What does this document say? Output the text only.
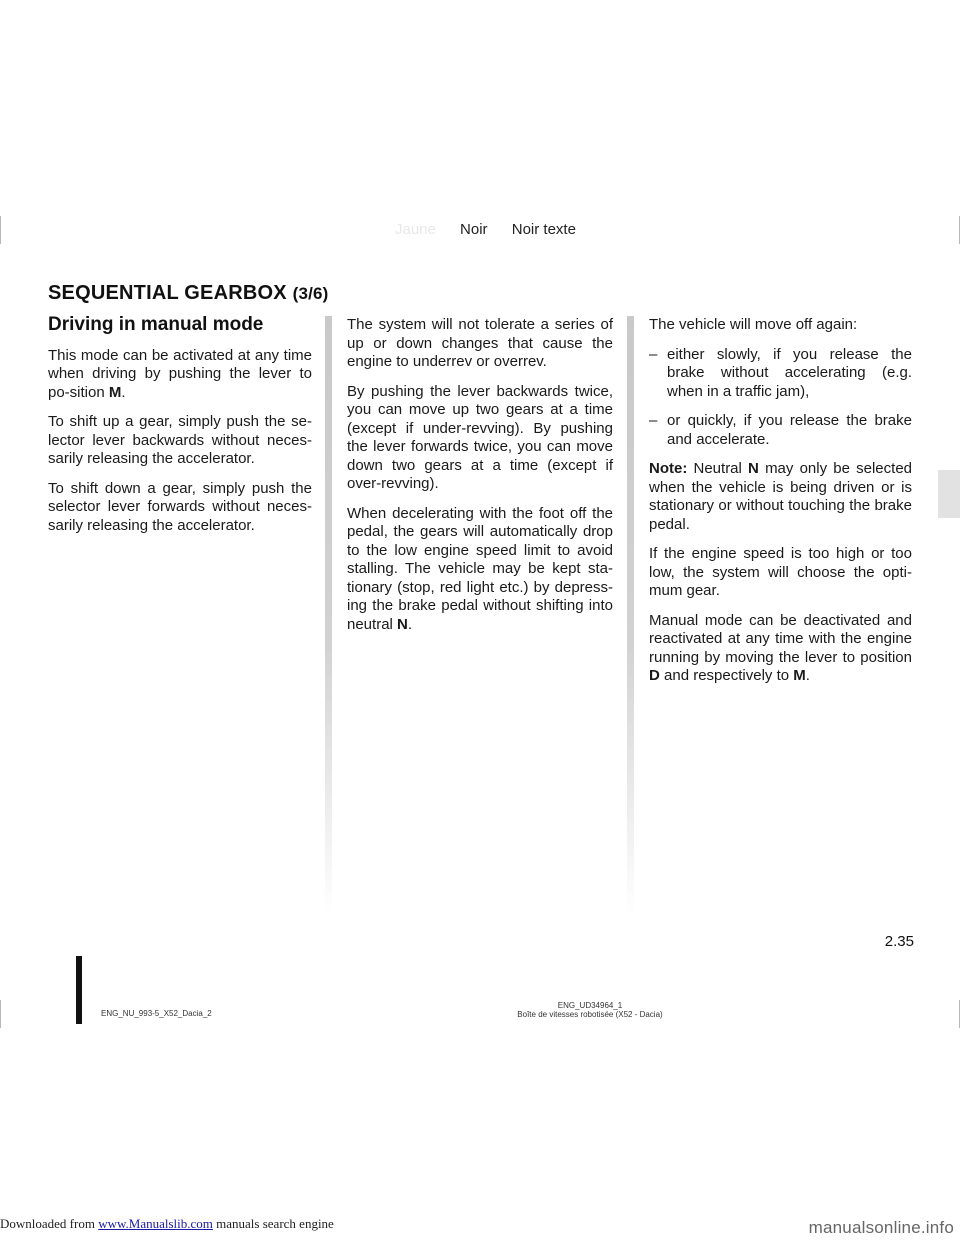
Jaune Noir Noir texte
SEQUENTIAL GEARBOX (3/6)
Driving in manual mode

This mode can be activated at any time when driving by pushing the lever to po-sition M.

To shift up a gear, simply push the se-lector lever backwards without neces-sarily releasing the accelerator.

To shift down a gear, simply push the selector lever forwards without neces-sarily releasing the accelerator.

The system will not tolerate a series of up or down changes that cause the engine to underrev or overrev.

By pushing the lever backwards twice, you can move up two gears at a time (except if under-revving). By pushing the lever forwards twice, you can move down two gears at a time (except if over-revving).

When decelerating with the foot off the pedal, the gears will automatically drop to the low engine speed limit to avoid stalling. The vehicle may be kept sta-tionary (stop, red light etc.) by depress-ing the brake pedal without shifting into neutral N.

The vehicle will move off again:

– either slowly, if you release the brake without accelerating (e.g. when in a traffic jam),
– or quickly, if you release the brake and accelerate.

Note: Neutral N may only be selected when the vehicle is being driven or is stationary or without touching the brake pedal.

If the engine speed is too high or too low, the system will choose the opti-mum gear.

Manual mode can be deactivated and reactivated at any time with the engine running by moving the lever to position D and respectively to M.

2.35
ENG_NU_993-5_X52_Dacia_2
ENG_UD34964_1
Boîte de vitesses robotisée (X52 - Dacia)
Downloaded from www.Manualslib.com manuals search engine	manualsonline.info
